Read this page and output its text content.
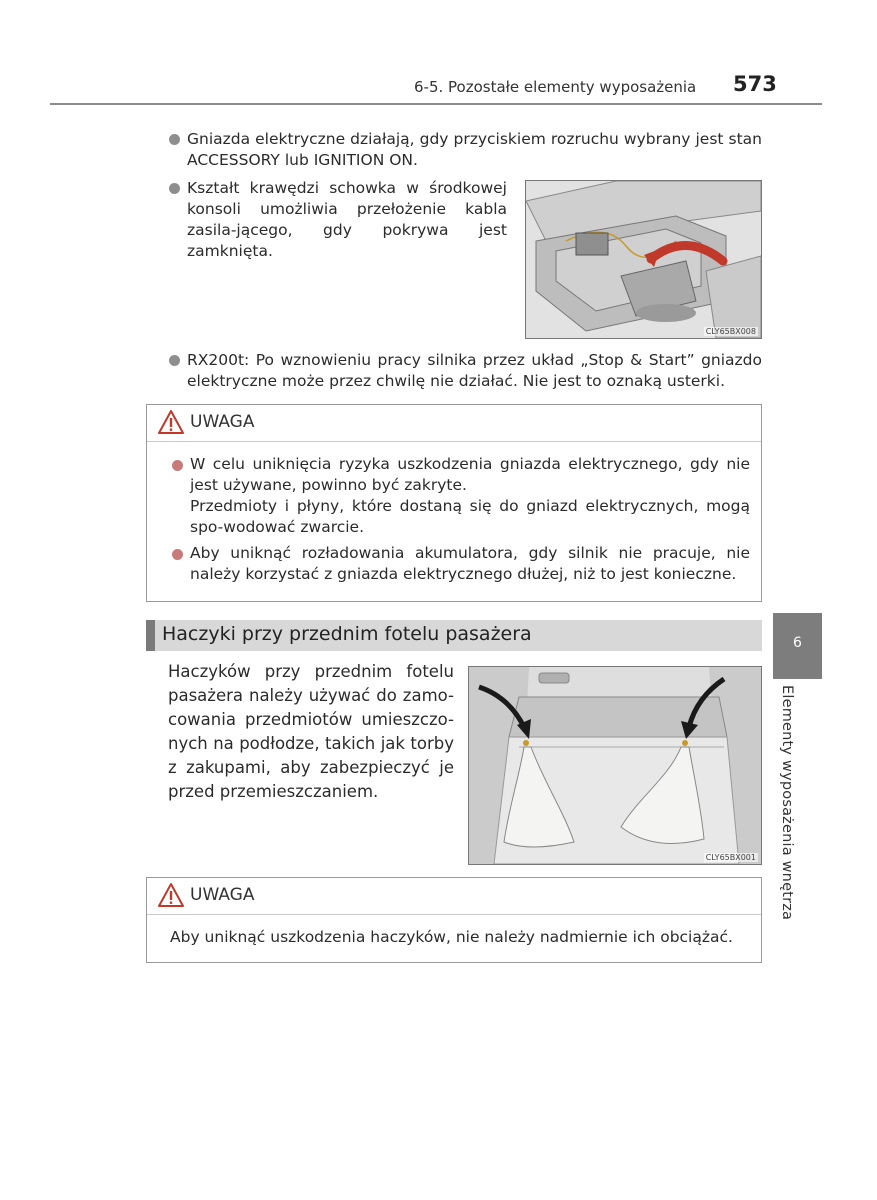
6-5. Pozostałe elementy wyposażenia 573
Gniazda elektryczne działają, gdy przyciskiem rozruchu wybrany jest stan ACCESSORY lub IGNITION ON.
Kształt krawędzi schowka w środkowej konsoli umożliwia przełożenie kabla zasila-jącego, gdy pokrywa jest zamknięta.
CLY65BX008
RX200t: Po wznowieniu pracy silnika przez układ „Stop & Start” gniazdo elektryczne może przez chwilę nie działać. Nie jest to oznaką usterki.
UWAGA
W celu uniknięcia ryzyka uszkodzenia gniazda elektrycznego, gdy nie jest używane, powinno być zakryte.
Przedmioty i płyny, które dostaną się do gniazd elektrycznych, mogą spo-wodować zwarcie.
Aby uniknąć rozładowania akumulatora, gdy silnik nie pracuje, nie należy korzystać z gniazda elektrycznego dłużej, niż to jest konieczne.
Haczyki przy przednim fotelu pasażera
Haczyków przy przednim fotelu pasażera należy używać do zamo-cowania przedmiotów umieszczo-nych na podłodze, takich jak torby z zakupami, aby zabezpieczyć je przed przemieszczaniem.
CLY65BX001
UWAGA
Aby uniknąć uszkodzenia haczyków, nie należy nadmiernie ich obciążać.
6
Elementy wyposażenia wnętrza
